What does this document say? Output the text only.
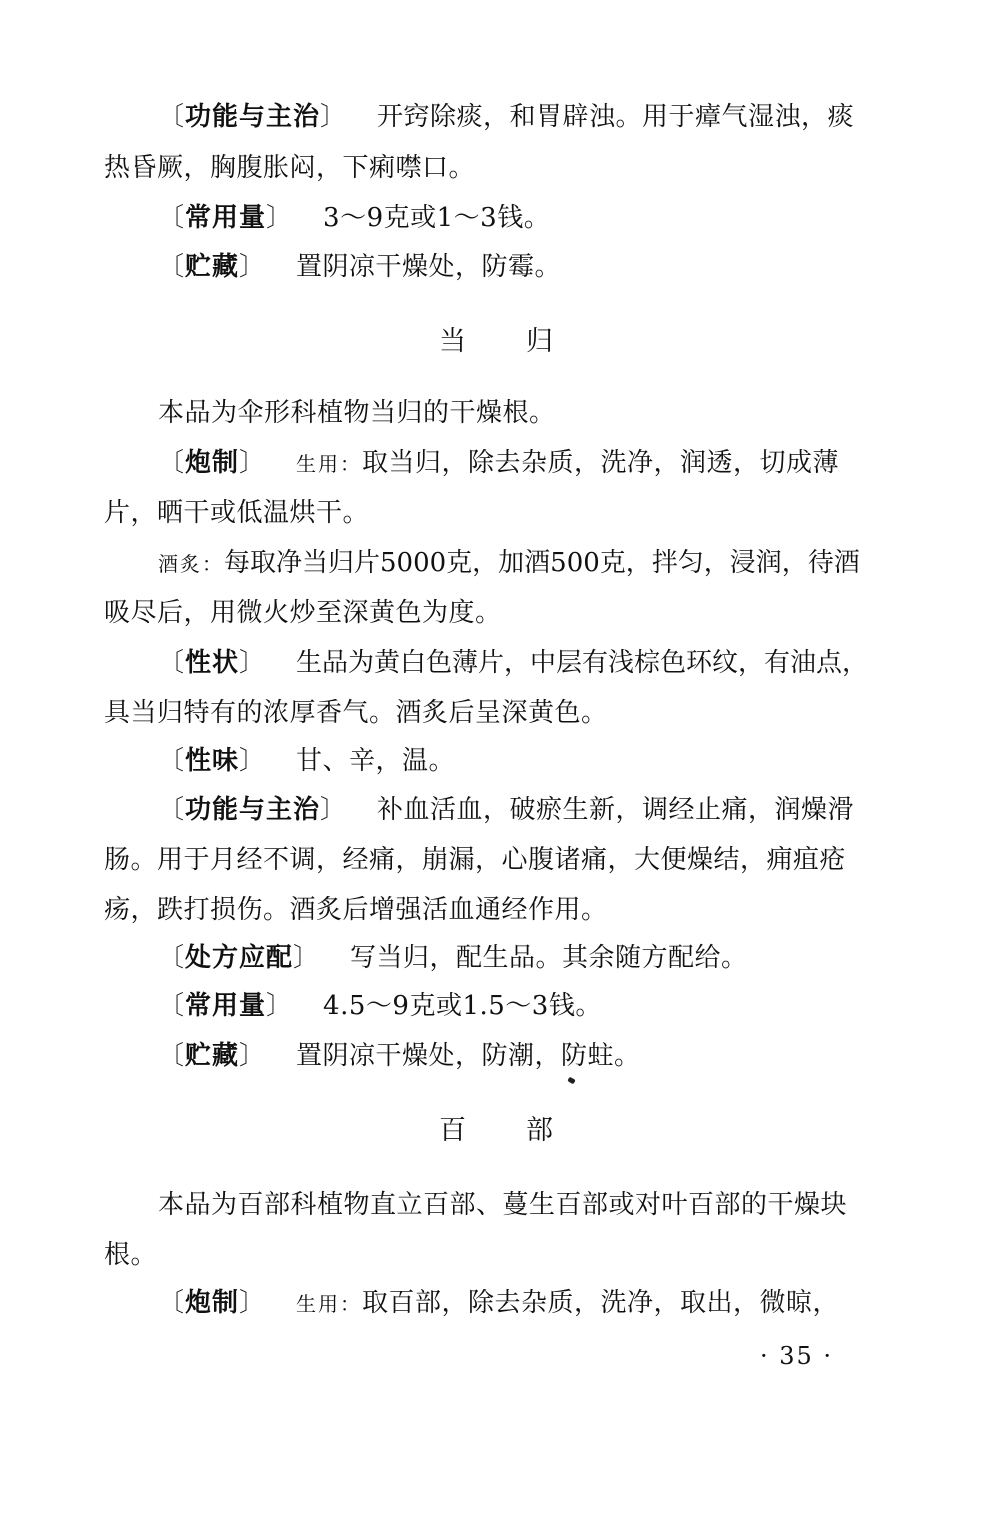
〔功能与主治〕 开窍除痰，和胃辟浊。用于瘴气湿浊，痰
热昏厥，胸腹胀闷，下痢噤口。
〔常用量〕 3～9克或1～3钱。
〔贮藏〕 置阴凉干燥处，防霉。
当归
本品为伞形科植物当归的干燥根。
〔炮制〕 生用：取当归，除去杂质，洗净，润透，切成薄
片，晒干或低温烘干。
酒炙：每取净当归片5000克，加酒500克，拌匀，浸润，待酒
吸尽后，用微火炒至深黄色为度。
〔性状〕 生品为黄白色薄片，中层有浅棕色环纹，有油点，
具当归特有的浓厚香气。酒炙后呈深黄色。
〔性味〕 甘、辛，温。
〔功能与主治〕 补血活血，破瘀生新，调经止痛，润燥滑
肠。用于月经不调，经痛，崩漏，心腹诸痛，大便燥结，痈疽疮
疡，跌打损伤。酒炙后增强活血通经作用。
〔处方应配〕 写当归，配生品。其余随方配给。
〔常用量〕 4.5～9克或1.5～3钱。
〔贮藏〕 置阴凉干燥处，防潮，防蛀。
百部
本品为百部科植物直立百部、蔓生百部或对叶百部的干燥块
根。
〔炮制〕 生用：取百部，除去杂质，洗净，取出，微晾，
· 35 ·
